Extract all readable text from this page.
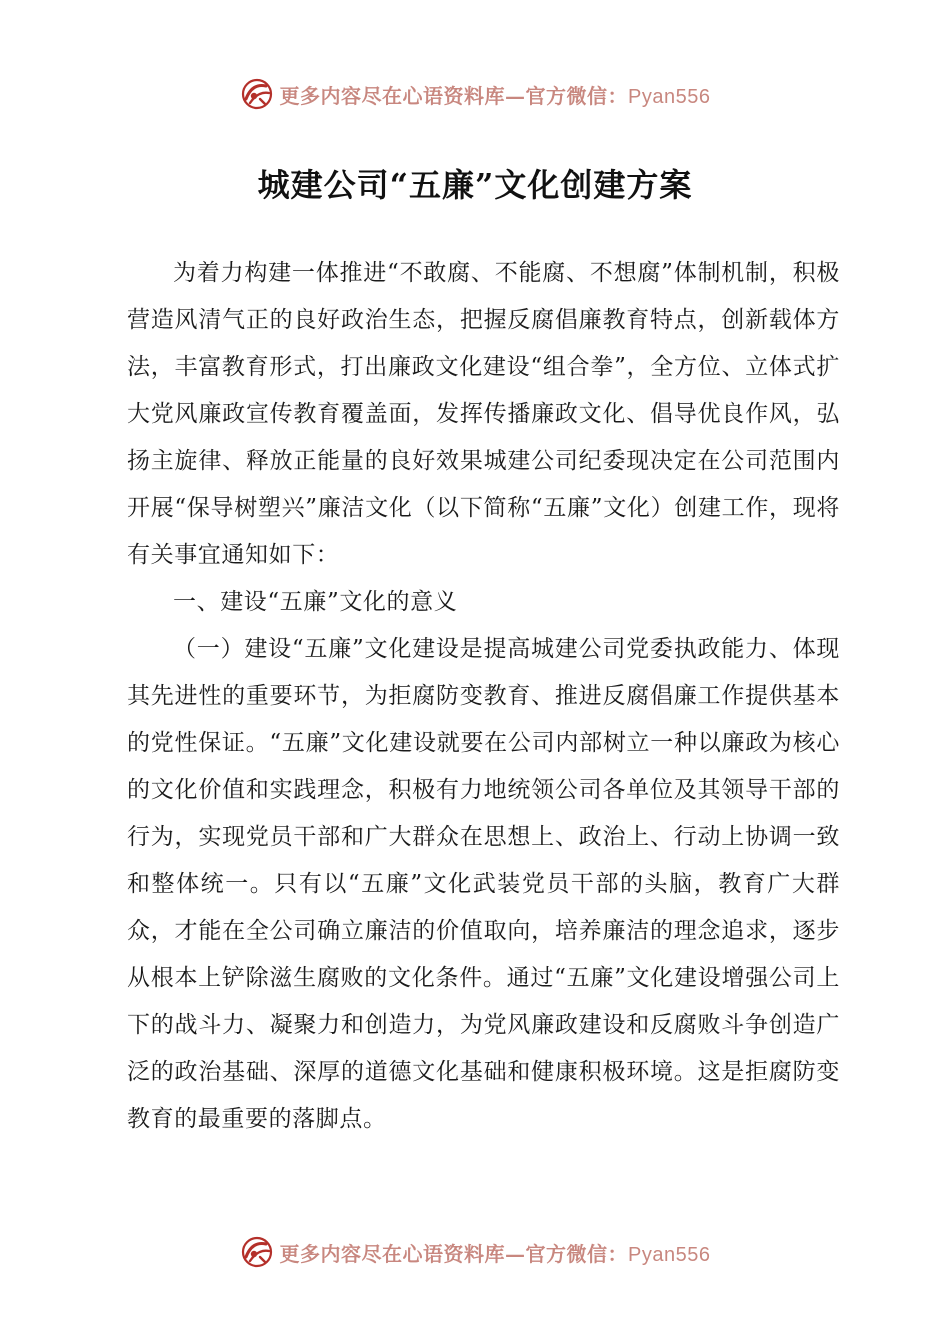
更多内容尽在心语资料库—官方微信：Pyan556
城建公司“五廉”文化创建方案

为着力构建一体推进“不敢腐、不能腐、不想腐”体制机制，积极营造风清气正的良好政治生态，把握反腐倡廉教育特点，创新载体方法，丰富教育形式，打出廉政文化建设“组合拳”，全方位、立体式扩大党风廉政宣传教育覆盖面，发挥传播廉政文化、倡导优良作风，弘扬主旋律、释放正能量的良好效果城建公司纪委现决定在公司范围内开展“保导树塑兴”廉洁文化（以下简称“五廉”文化）创建工作，现将有关事宜通知如下：

一、建设“五廉”文化的意义

（一）建设“五廉”文化建设是提高城建公司党委执政能力、体现其先进性的重要环节，为拒腐防变教育、推进反腐倡廉工作提供基本的党性保证。“五廉”文化建设就要在公司内部树立一种以廉政为核心的文化价值和实践理念，积极有力地统领公司各单位及其领导干部的行为，实现党员干部和广大群众在思想上、政治上、行动上协调一致和整体统一。只有以“五廉”文化武装党员干部的头脑，教育广大群众，才能在全公司确立廉洁的价值取向，培养廉洁的理念追求，逐步从根本上铲除滋生腐败的文化条件。通过“五廉”文化建设增强公司上下的战斗力、凝聚力和创造力，为党风廉政建设和反腐败斗争创造广泛的政治基础、深厚的道德文化基础和健康积极环境。这是拒腐防变教育的最重要的落脚点。

更多内容尽在心语资料库—官方微信：Pyan556
